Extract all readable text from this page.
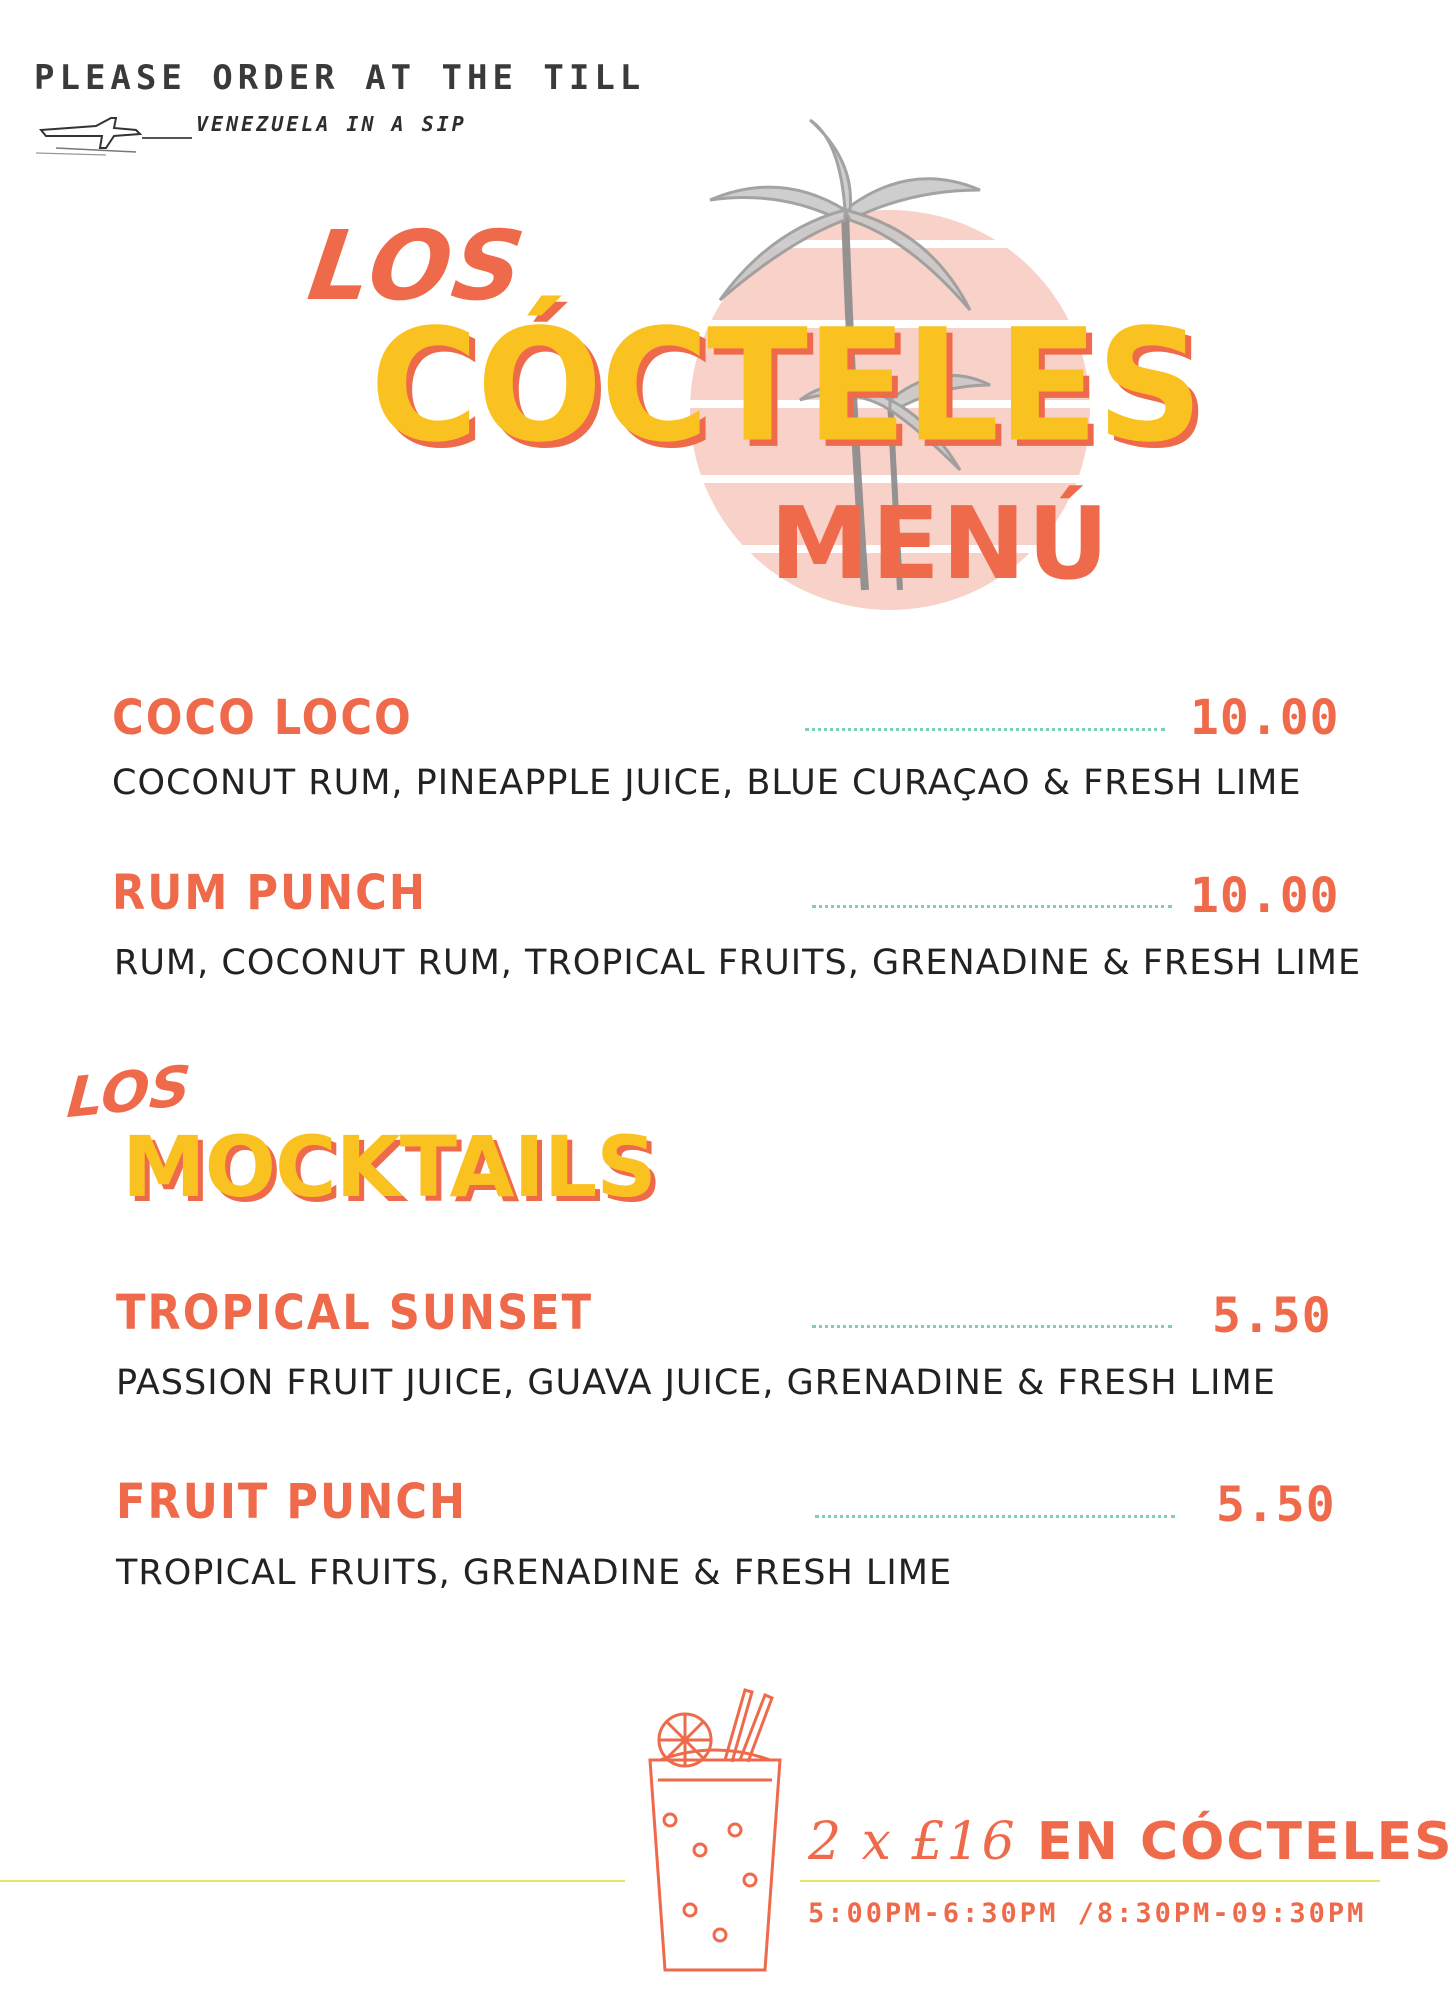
PLEASE ORDER AT THE TILL
VENEZUELA IN A SIP
LOS
CÓCTELES
MENÚ
COCO LOCO	10.00
COCONUT RUM, PINEAPPLE JUICE, BLUE CURAÇAO & FRESH LIME
RUM PUNCH	10.00
RUM, COCONUT RUM, TROPICAL FRUITS, GRENADINE & FRESH LIME
LOS
MOCKTAILS
TROPICAL SUNSET	5.50
PASSION FRUIT JUICE, GUAVA JUICE, GRENADINE & FRESH LIME
FRUIT PUNCH	5.50
TROPICAL FRUITS, GRENADINE & FRESH LIME
2 x £16 EN CÓCTELES
5:00PM-6:30PM /8:30PM-09:30PM
